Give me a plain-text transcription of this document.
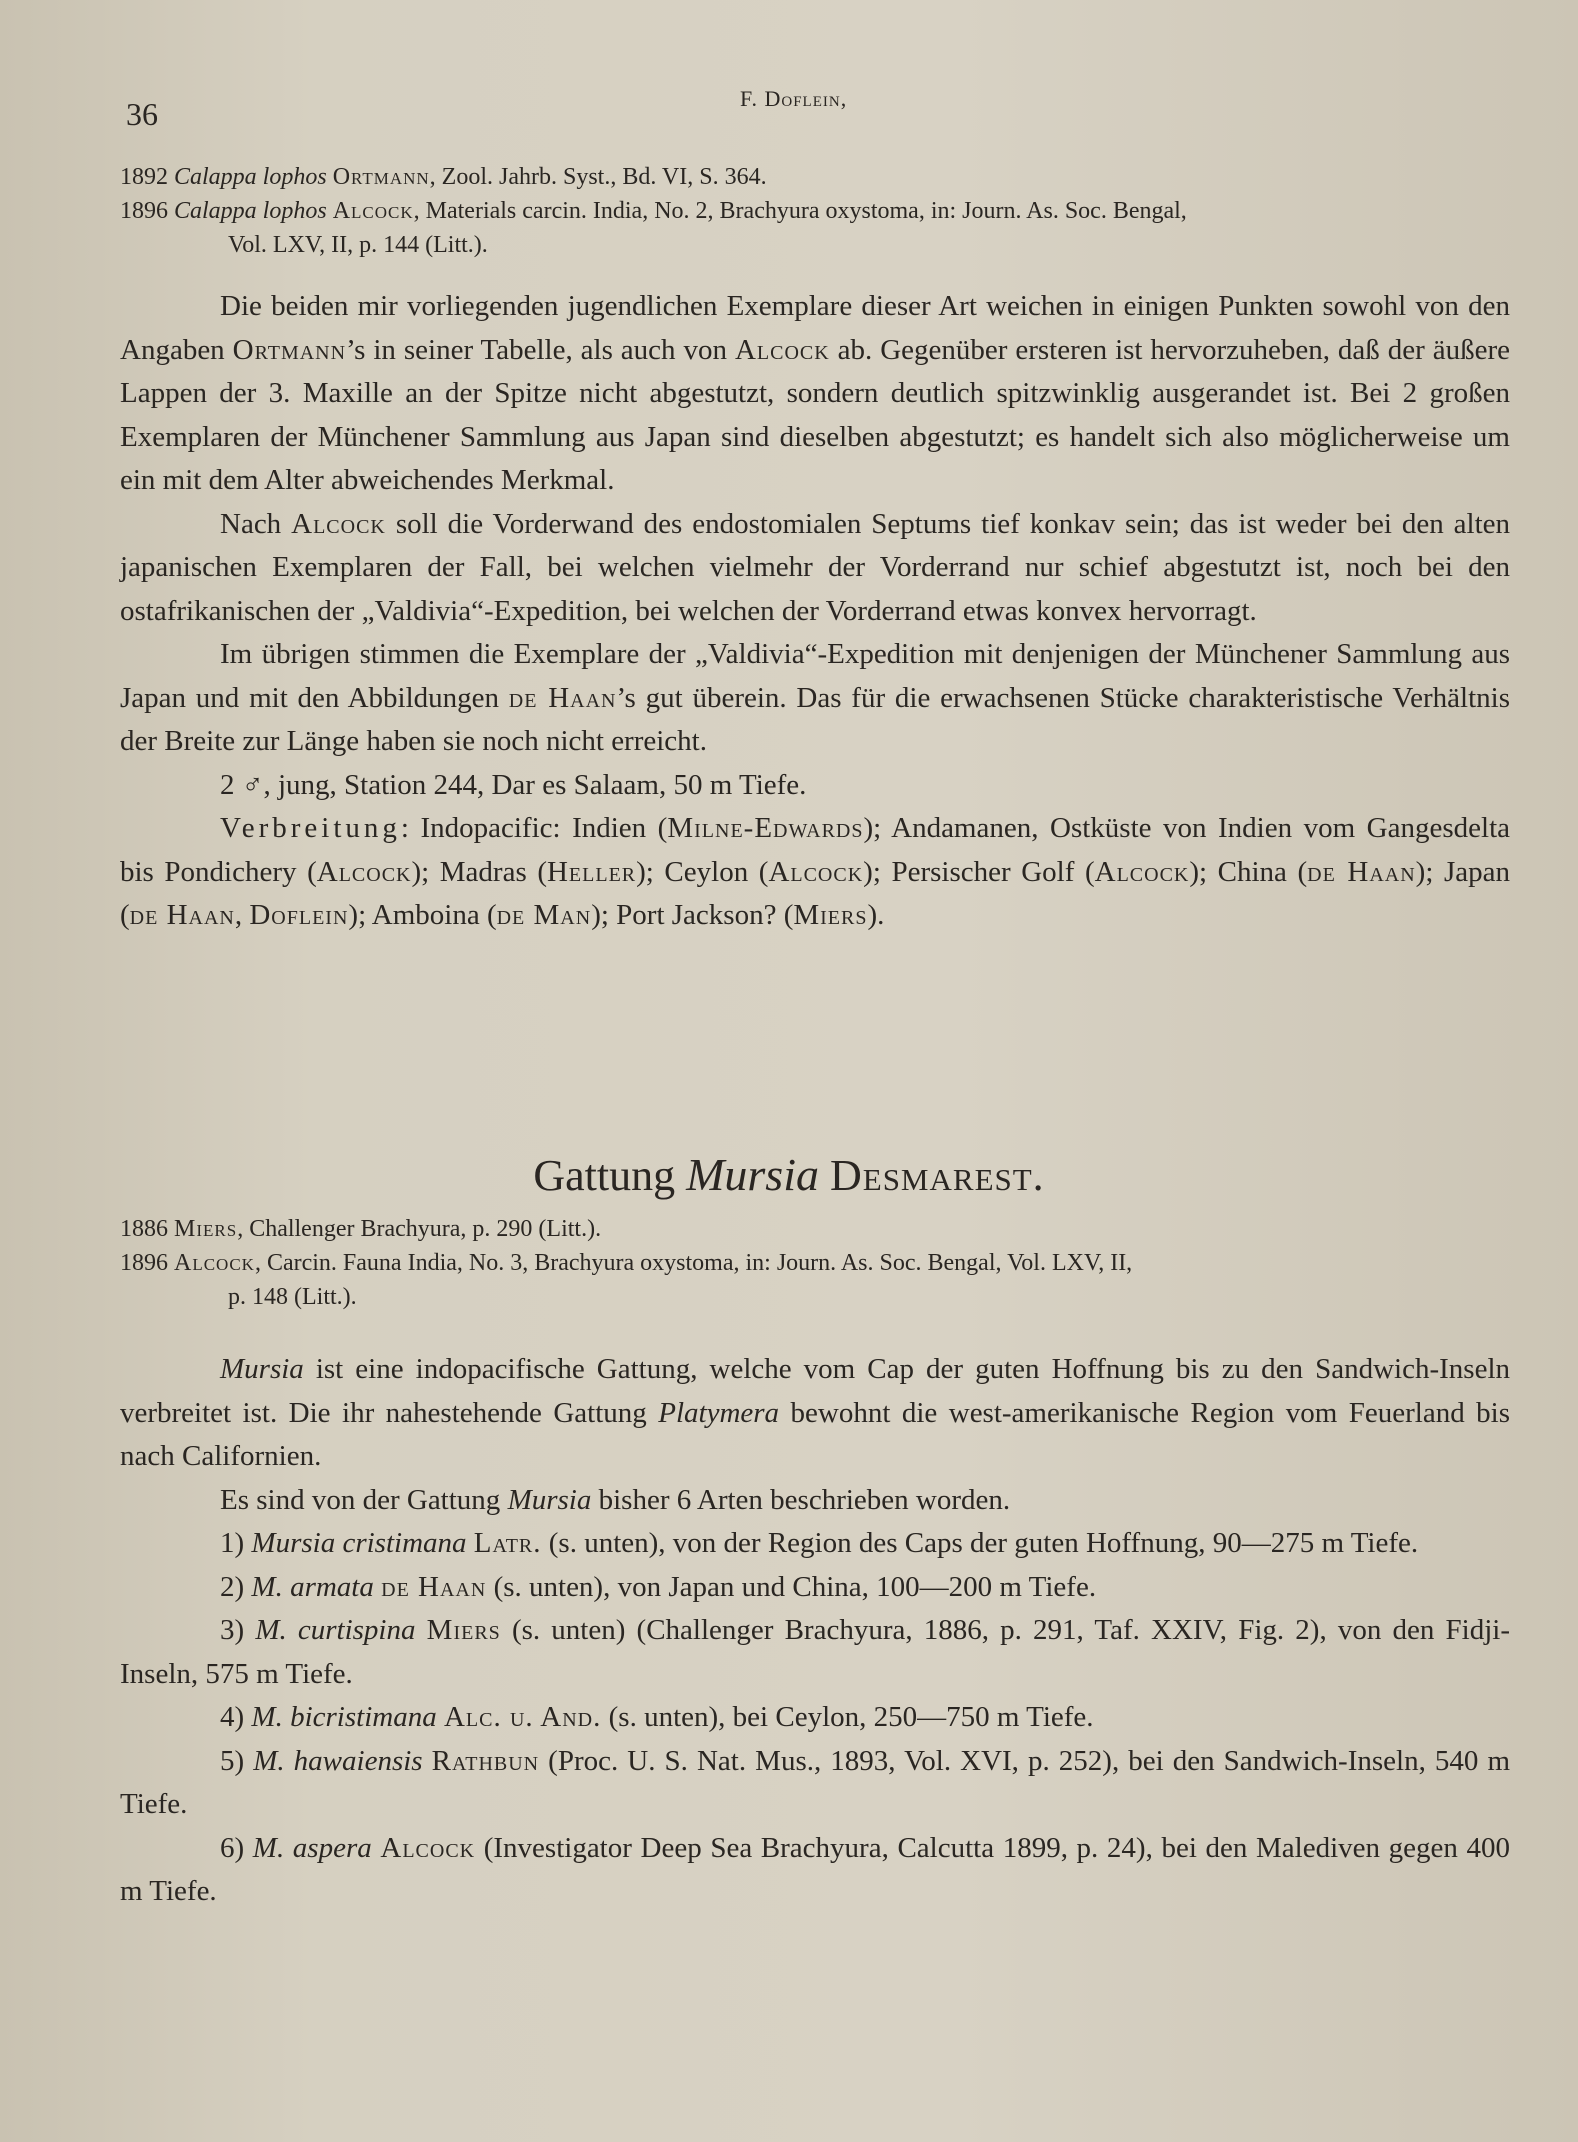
36	F. Doflein,

1892 Calappa lophos Ortmann, Zool. Jahrb. Syst., Bd. VI, S. 364.

1896 Calappa lophos Alcock, Materials carcin. India, No. 2, Brachyura oxystoma, in: Journ. As. Soc. Bengal,

Vol. LXV, II, p. 144 (Litt.).

Die beiden mir vorliegenden jugendlichen Exemplare dieser Art weichen in einigen Punkten sowohl von den Angaben Ortmann’s in seiner Tabelle, als auch von Alcock ab. Gegenüber ersteren ist hervorzuheben, daß der äußere Lappen der 3. Maxille an der Spitze nicht abgestutzt, sondern deutlich spitzwinklig ausgerandet ist. Bei 2 großen Exemplaren der Münchener Sammlung aus Japan sind dieselben abgestutzt; es handelt sich also möglicherweise um ein mit dem Alter abweichendes Merkmal.

Nach Alcock soll die Vorderwand des endostomialen Septums tief konkav sein; das ist weder bei den alten japanischen Exemplaren der Fall, bei welchen vielmehr der Vorderrand nur schief abgestutzt ist, noch bei den ostafrikanischen der „Valdivia“-Expedition, bei welchen der Vorderrand etwas konvex hervorragt.

Im übrigen stimmen die Exemplare der „Valdivia“-Expedition mit denjenigen der Münchener Sammlung aus Japan und mit den Abbildungen de Haan’s gut überein. Das für die erwachsenen Stücke charakteristische Verhältnis der Breite zur Länge haben sie noch nicht erreicht.

2 ♂, jung, Station 244, Dar es Salaam, 50 m Tiefe.

Verbreitung: Indopacific: Indien (Milne-Edwards); Andamanen, Ostküste von Indien vom Gangesdelta bis Pondichery (Alcock); Madras (Heller); Ceylon (Alcock); Persischer Golf (Alcock); China (de Haan); Japan (de Haan, Doflein); Amboina (de Man); Port Jackson? (Miers).

Gattung Mursia Desmarest.

1886 Miers, Challenger Brachyura, p. 290 (Litt.).

1896 Alcock, Carcin. Fauna India, No. 3, Brachyura oxystoma, in: Journ. As. Soc. Bengal, Vol. LXV, II,

p. 148 (Litt.).

Mursia ist eine indopacifische Gattung, welche vom Cap der guten Hoffnung bis zu den Sandwich-Inseln verbreitet ist. Die ihr nahestehende Gattung Platymera bewohnt die west-amerikanische Region vom Feuerland bis nach Californien.

Es sind von der Gattung Mursia bisher 6 Arten beschrieben worden.

1) Mursia cristimana Latr. (s. unten), von der Region des Caps der guten Hoffnung, 90—275 m Tiefe.

2) M. armata de Haan (s. unten), von Japan und China, 100—200 m Tiefe.

3) M. curtispina Miers (s. unten) (Challenger Brachyura, 1886, p. 291, Taf. XXIV, Fig. 2), von den Fidji-Inseln, 575 m Tiefe.

4) M. bicristimana Alc. u. And. (s. unten), bei Ceylon, 250—750 m Tiefe.

5) M. hawaiensis Rathbun (Proc. U. S. Nat. Mus., 1893, Vol. XVI, p. 252), bei den Sandwich-Inseln, 540 m Tiefe.

6) M. aspera Alcock (Investigator Deep Sea Brachyura, Calcutta 1899, p. 24), bei den Malediven gegen 400 m Tiefe.
